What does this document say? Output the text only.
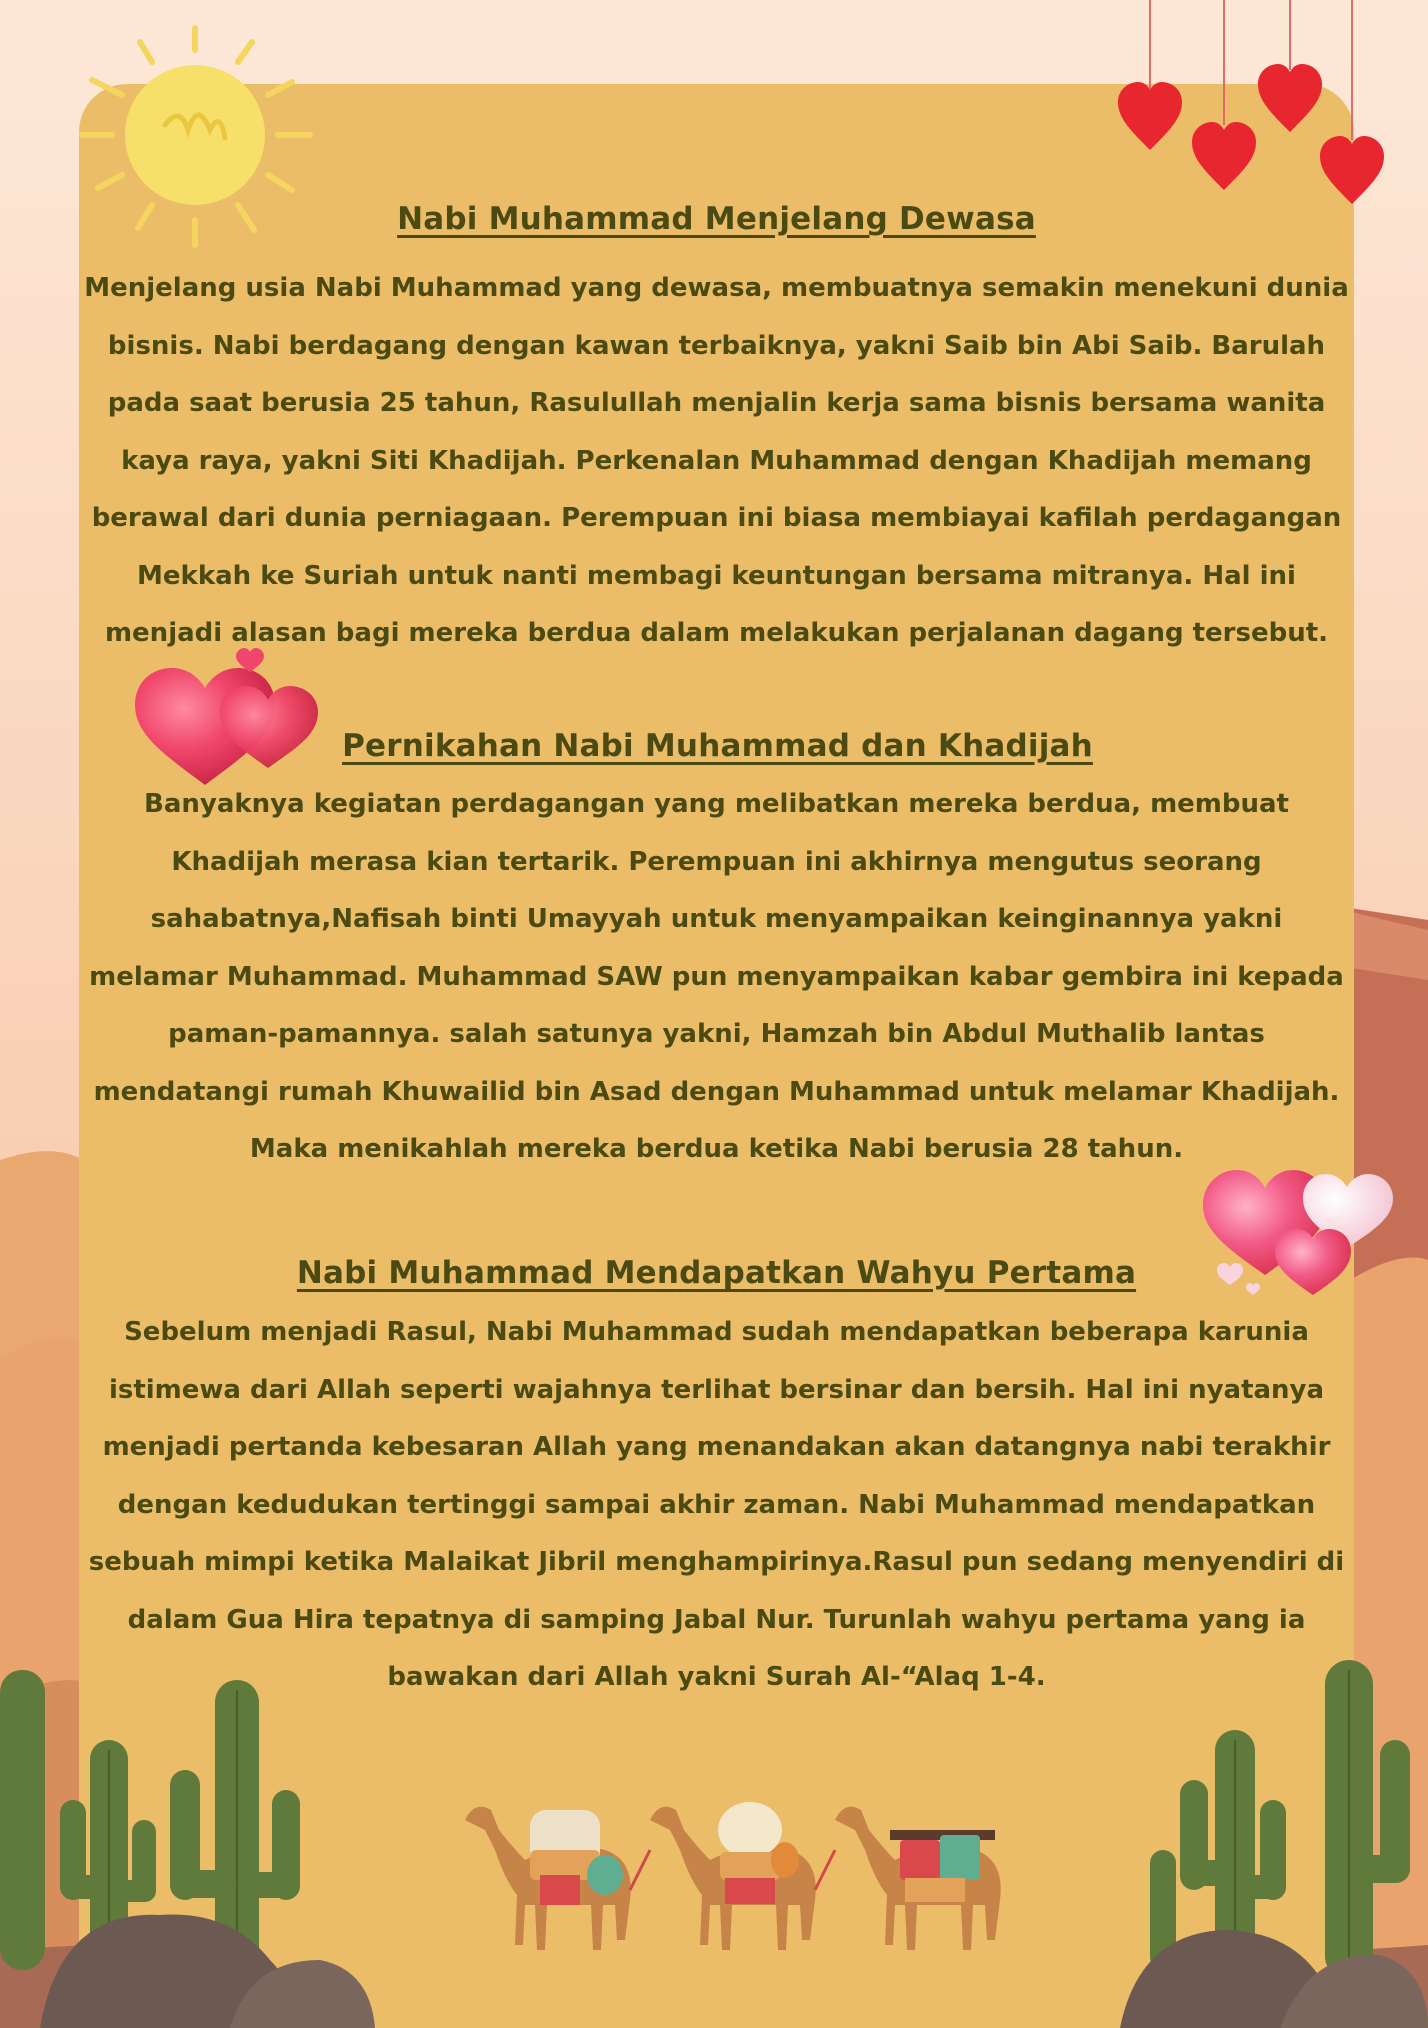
Nabi Muhammad Menjelang Dewasa

Menjelang usia Nabi Muhammad yang dewasa, membuatnya semakin menekuni dunia
bisnis. Nabi berdagang dengan kawan terbaiknya, yakni Saib bin Abi Saib. Barulah
pada saat berusia 25 tahun, Rasulullah menjalin kerja sama bisnis bersama wanita
kaya raya, yakni Siti Khadijah. Perkenalan Muhammad dengan Khadijah memang
berawal dari dunia perniagaan. Perempuan ini biasa membiayai kafilah perdagangan
Mekkah ke Suriah untuk nanti membagi keuntungan bersama mitranya. Hal ini
menjadi alasan bagi mereka berdua dalam melakukan perjalanan dagang tersebut.

Pernikahan Nabi Muhammad dan Khadijah

Banyaknya kegiatan perdagangan yang melibatkan mereka berdua, membuat
Khadijah merasa kian tertarik. Perempuan ini akhirnya mengutus seorang
sahabatnya,Nafisah binti Umayyah untuk menyampaikan keinginannya yakni
melamar Muhammad. Muhammad SAW pun menyampaikan kabar gembira ini kepada
paman-pamannya. salah satunya yakni, Hamzah bin Abdul Muthalib lantas
mendatangi rumah Khuwailid bin Asad dengan Muhammad untuk melamar Khadijah.
Maka menikahlah mereka berdua ketika Nabi berusia 28 tahun.

Nabi Muhammad Mendapatkan Wahyu Pertama

Sebelum menjadi Rasul, Nabi Muhammad sudah mendapatkan beberapa karunia
istimewa dari Allah seperti wajahnya terlihat bersinar dan bersih. Hal ini nyatanya
menjadi pertanda kebesaran Allah yang menandakan akan datangnya nabi terakhir
dengan kedudukan tertinggi sampai akhir zaman. Nabi Muhammad mendapatkan
sebuah mimpi ketika Malaikat Jibril menghampirinya.Rasul pun sedang menyendiri di
dalam Gua Hira tepatnya di samping Jabal Nur. Turunlah wahyu pertama yang ia
bawakan dari Allah yakni Surah Al-“Alaq 1-4.
